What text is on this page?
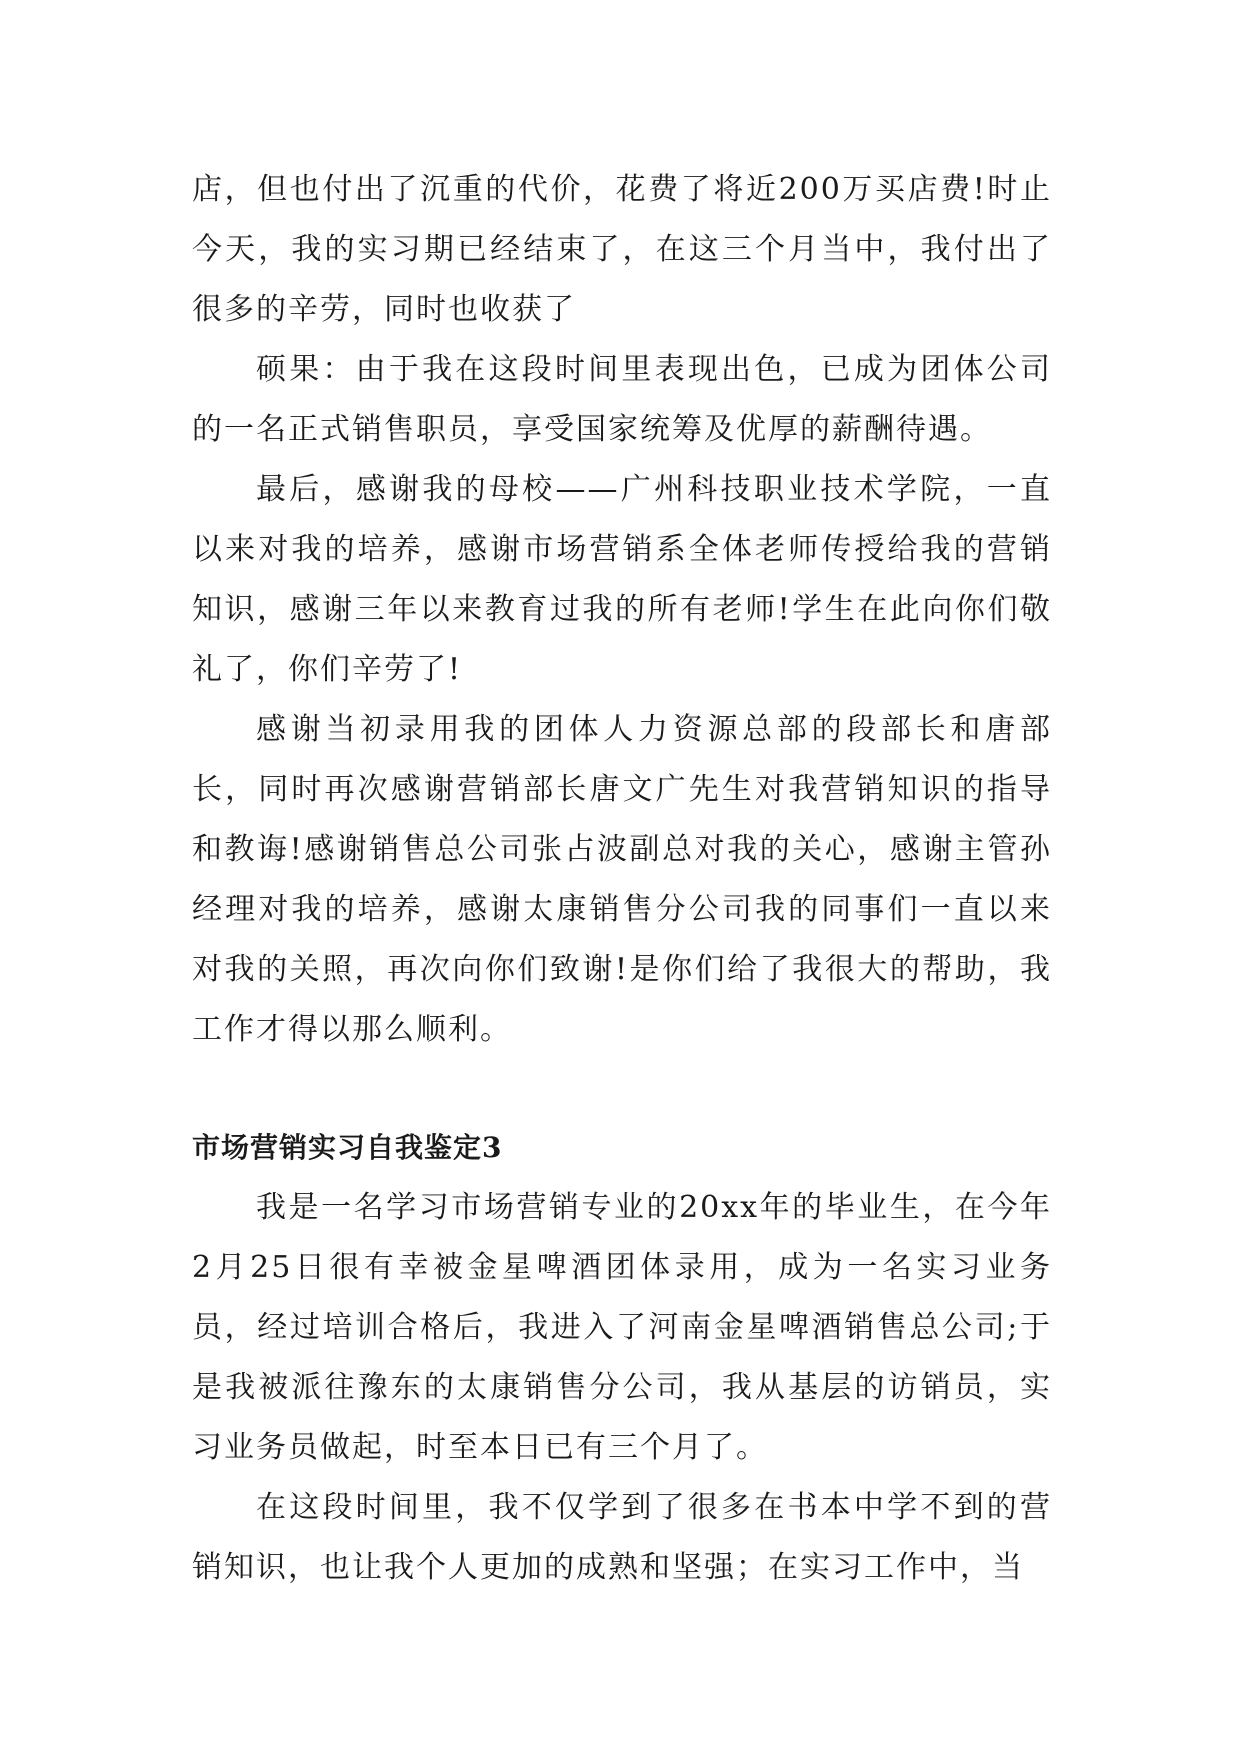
店，但也付出了沉重的代价，花费了将近200万买店费!时止今天，我的实习期已经结束了，在这三个月当中，我付出了很多的辛劳，同时也收获了

硕果：由于我在这段时间里表现出色，已成为团体公司的一名正式销售职员，享受国家统筹及优厚的薪酬待遇。

最后，感谢我的母校——广州科技职业技术学院，一直以来对我的培养，感谢市场营销系全体老师传授给我的营销知识，感谢三年以来教育过我的所有老师!学生在此向你们敬礼了，你们辛劳了!

感谢当初录用我的团体人力资源总部的段部长和唐部长，同时再次感谢营销部长唐文广先生对我营销知识的指导和教诲!感谢销售总公司张占波副总对我的关心，感谢主管孙经理对我的培养，感谢太康销售分公司我的同事们一直以来对我的关照，再次向你们致谢!是你们给了我很大的帮助，我工作才得以那么顺利。

市场营销实习自我鉴定3

我是一名学习市场营销专业的20xx年的毕业生，在今年2月25日很有幸被金星啤酒团体录用，成为一名实习业务员，经过培训合格后，我进入了河南金星啤酒销售总公司;于是我被派往豫东的太康销售分公司，我从基层的访销员，实习业务员做起，时至本日已有三个月了。

在这段时间里，我不仅学到了很多在书本中学不到的营销知识，也让我个人更加的成熟和坚强；在实习工作中，当
